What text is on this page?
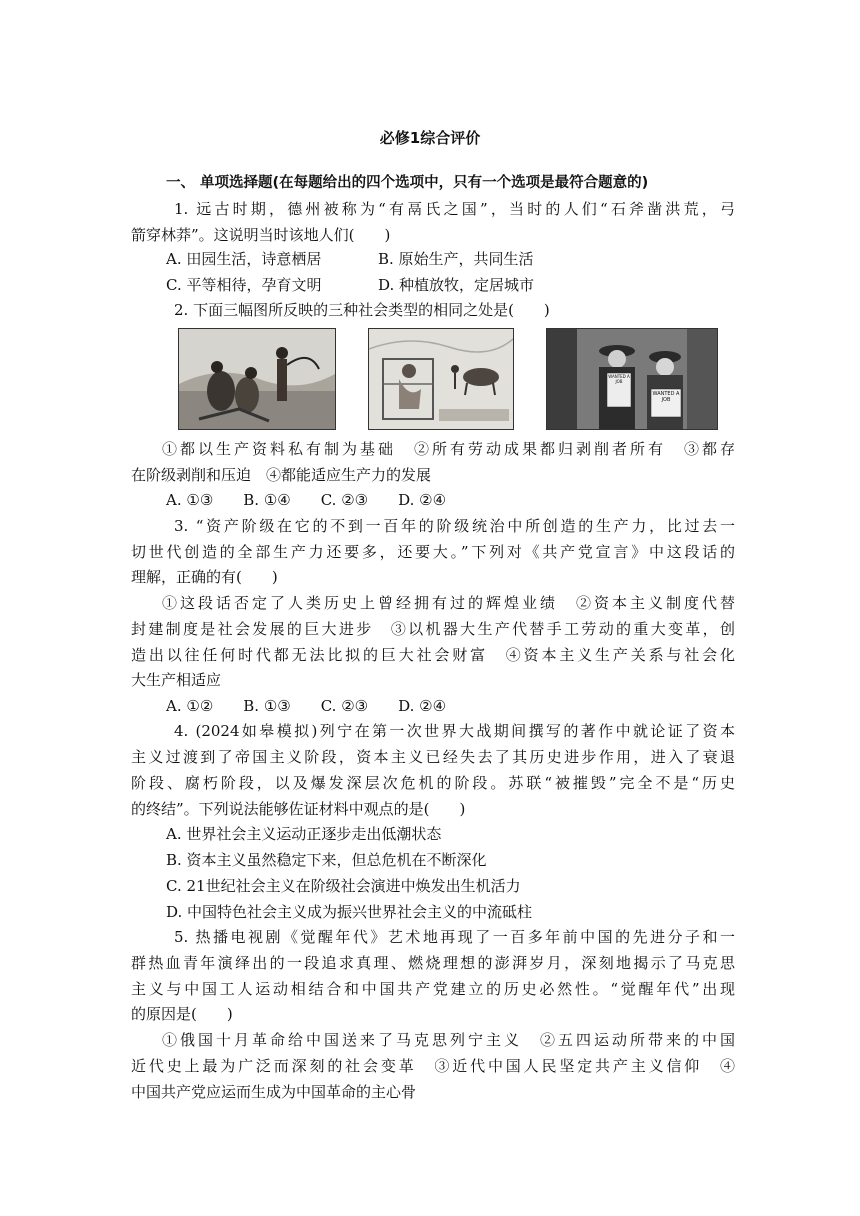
必修1综合评价
一、 单项选择题(在每题给出的四个选项中，只有一个选项是最符合题意的)
1. 远古时期，德州被称为“有鬲氏之国”，当时的人们“石斧凿洪荒，弓
箭穿林莽”。这说明当时该地人们(　　)
A. 田园生活，诗意栖居	B. 原始生产，共同生活
C. 平等相待，孕育文明	D. 种植放牧，定居城市
2. 下面三幅图所反映的三种社会类型的相同之处是(　　)
WANTED A JOB
WANTED A JOB
①都以生产资料私有制为基础　②所有劳动成果都归剥削者所有　③都存
在阶级剥削和压迫　④都能适应生产力的发展
A. ①③　　B. ①④　　C. ②③　　D. ②④
3. “资产阶级在它的不到一百年的阶级统治中所创造的生产力，比过去一
切世代创造的全部生产力还要多，还要大。”下列对《共产党宣言》中这段话的
理解，正确的有(　　)
①这段话否定了人类历史上曾经拥有过的辉煌业绩　②资本主义制度代替
封建制度是社会发展的巨大进步　③以机器大生产代替手工劳动的重大变革，创
造出以往任何时代都无法比拟的巨大社会财富　④资本主义生产关系与社会化
大生产相适应
A. ①②　　B. ①③　　C. ②③　　D. ②④
4. (2024如皋模拟)列宁在第一次世界大战期间撰写的著作中就论证了资本
主义过渡到了帝国主义阶段，资本主义已经失去了其历史进步作用，进入了衰退
阶段、腐朽阶段，以及爆发深层次危机的阶段。苏联“被摧毁”完全不是“历史
的终结”。下列说法能够佐证材料中观点的是(　　)
A. 世界社会主义运动正逐步走出低潮状态
B. 资本主义虽然稳定下来，但总危机在不断深化
C. 21世纪社会主义在阶级社会演进中焕发出生机活力
D. 中国特色社会主义成为振兴世界社会主义的中流砥柱
5. 热播电视剧《觉醒年代》艺术地再现了一百多年前中国的先进分子和一
群热血青年演绎出的一段追求真理、燃烧理想的澎湃岁月，深刻地揭示了马克思
主义与中国工人运动相结合和中国共产党建立的历史必然性。“觉醒年代”出现
的原因是(　　)
①俄国十月革命给中国送来了马克思列宁主义　②五四运动所带来的中国
近代史上最为广泛而深刻的社会变革　③近代中国人民坚定共产主义信仰　④
中国共产党应运而生成为中国革命的主心骨
